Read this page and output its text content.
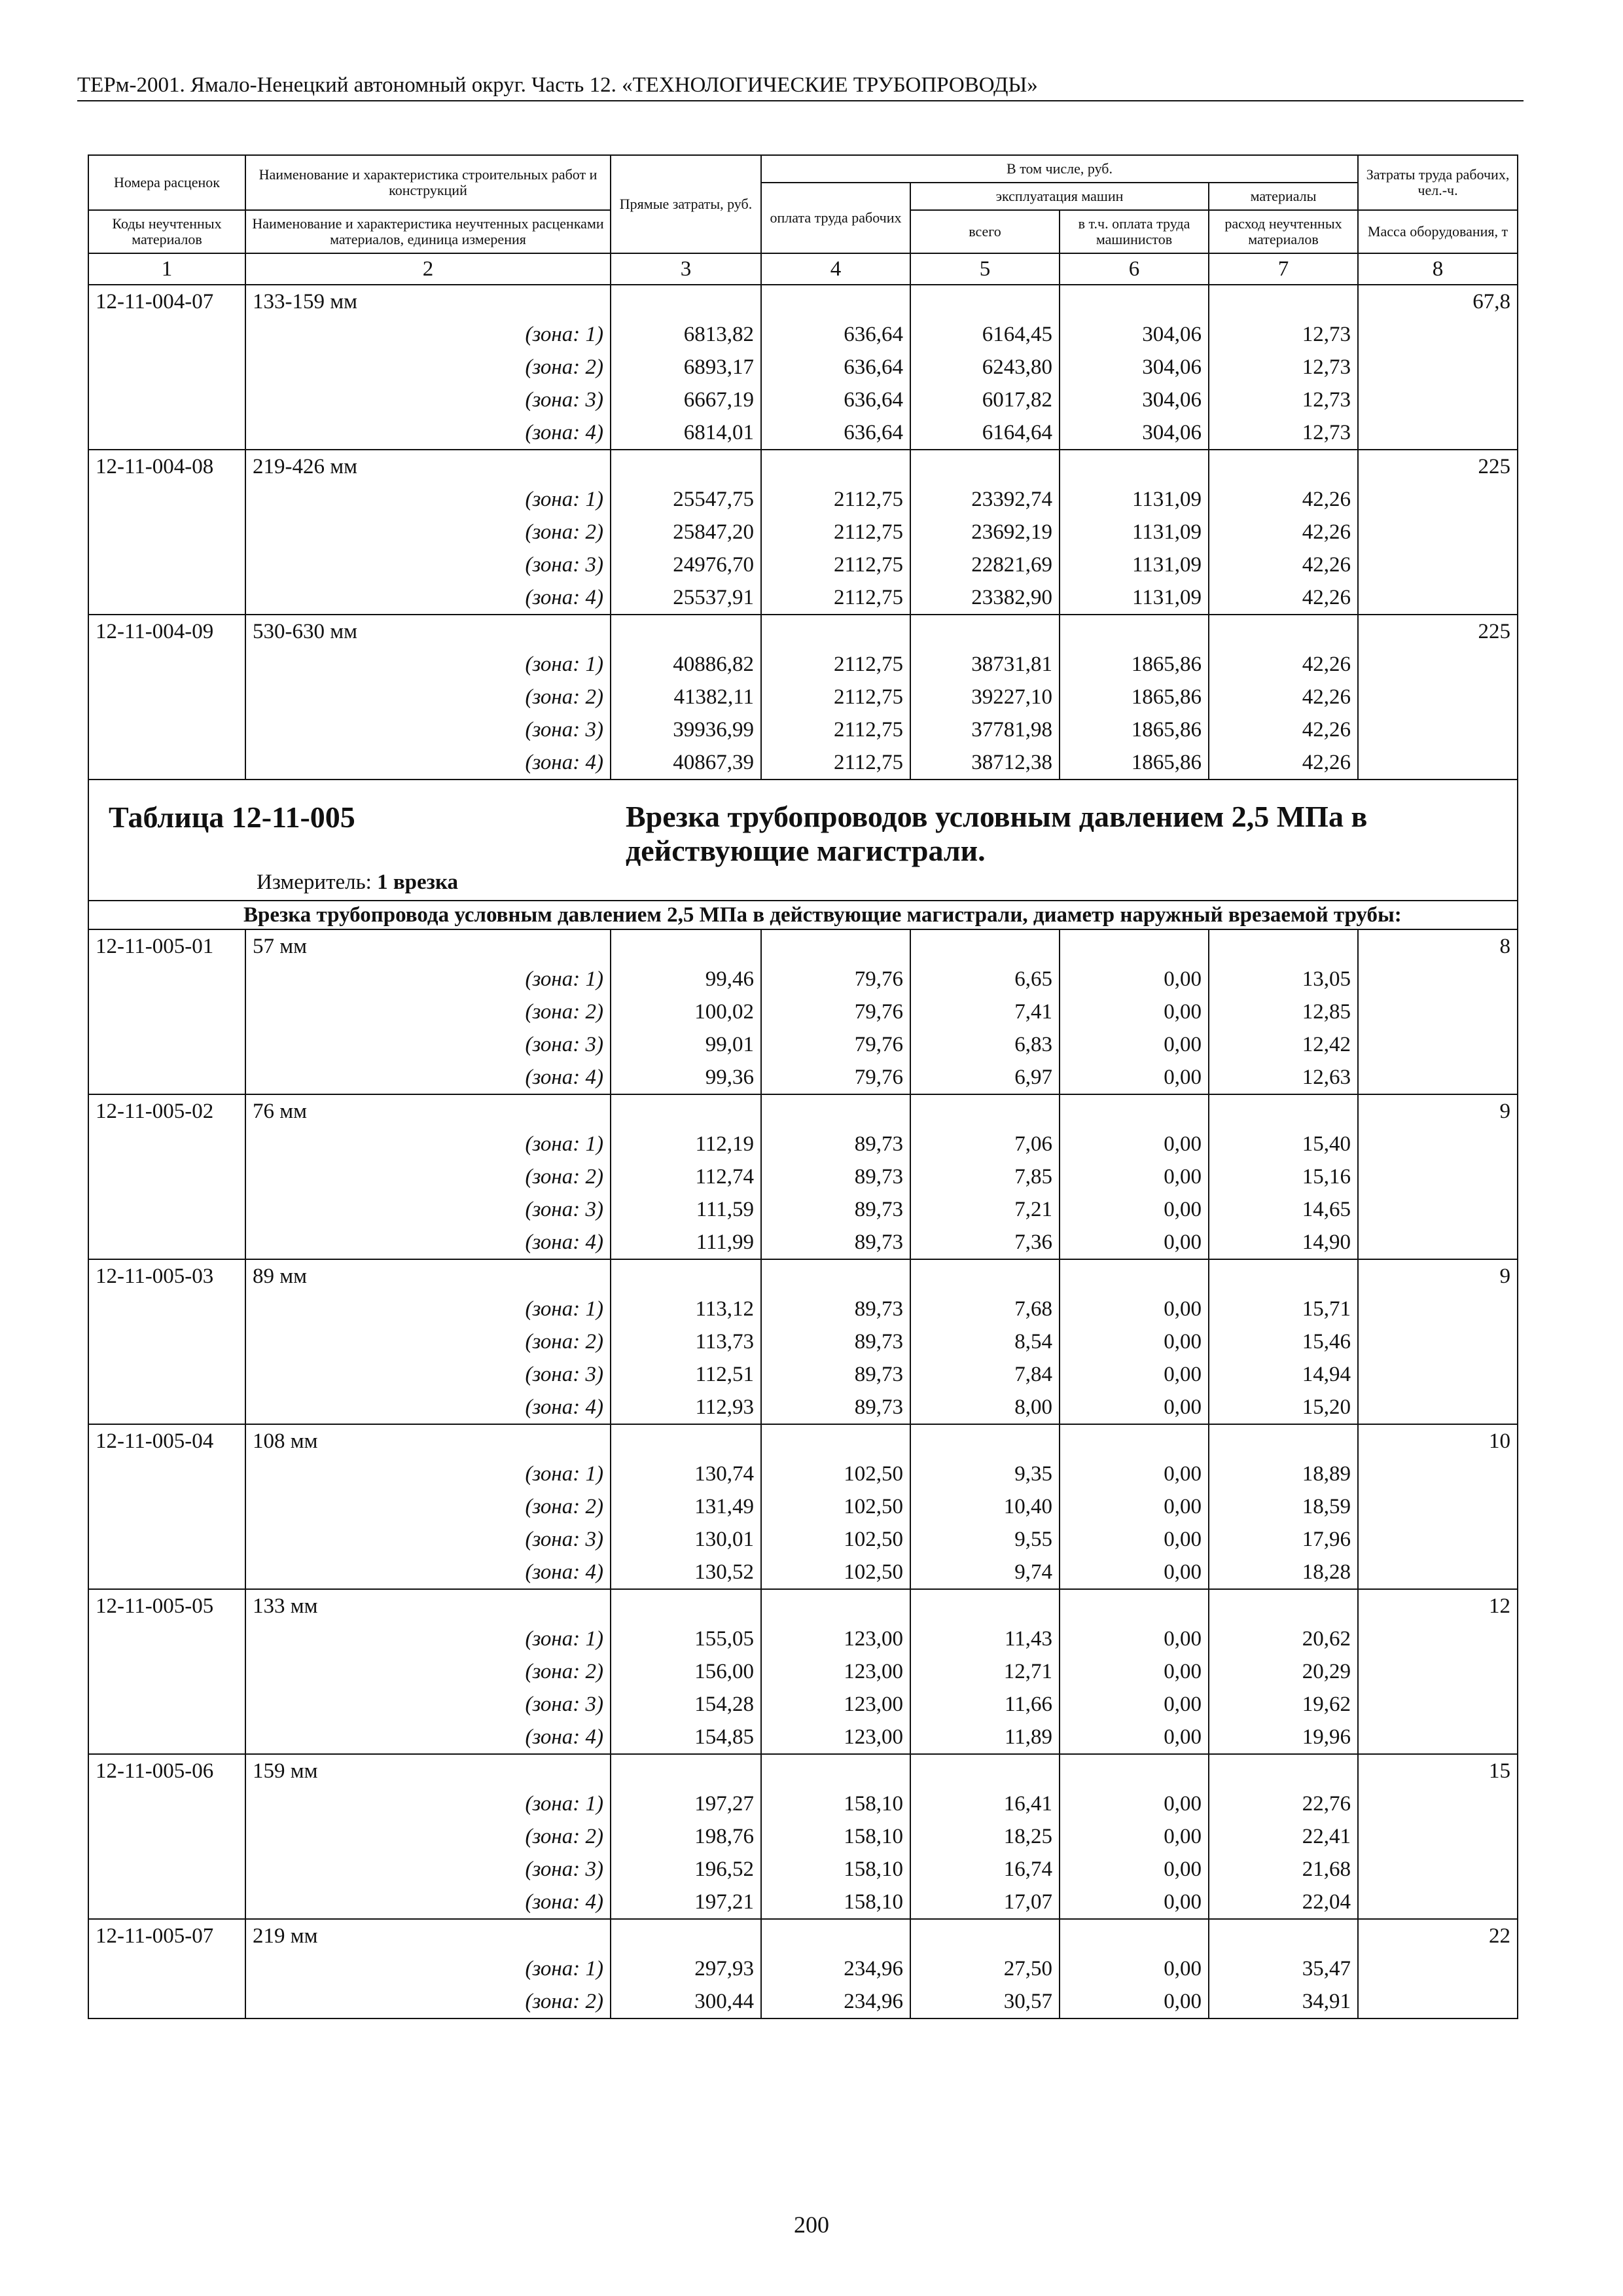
ТЕРм-2001. Ямало-Ненецкий автономный округ. Часть 12. «ТЕХНОЛОГИЧЕСКИЕ ТРУБОПРОВОДЫ»
Номера расценок	Наименование и характеристика строительных работ и конструкций	Прямые затраты, руб.	В том числе, руб.				Затраты труда рабочих, чел.-ч.
			оплата труда рабочих	эксплуатация машин		материалы	
Коды неучтенных материалов	Наименование и характеристика неучтенных расценками материалов, единица измерения			всего	в т.ч. оплата труда машинистов	расход неучтенных материалов	Масса оборудования, т
1	2	3	4	5	6	7	8
12-11-004-07	133-159 мм						67,8
	(зона: 1)	6813,82	636,64	6164,45	304,06	12,73	
	(зона: 2)	6893,17	636,64	6243,80	304,06	12,73	
	(зона: 3)	6667,19	636,64	6017,82	304,06	12,73	
	(зона: 4)	6814,01	636,64	6164,64	304,06	12,73	
12-11-004-08	219-426 мм						225
	(зона: 1)	25547,75	2112,75	23392,74	1131,09	42,26	
	(зона: 2)	25847,20	2112,75	23692,19	1131,09	42,26	
	(зона: 3)	24976,70	2112,75	22821,69	1131,09	42,26	
	(зона: 4)	25537,91	2112,75	23382,90	1131,09	42,26	
12-11-004-09	530-630 мм						225
	(зона: 1)	40886,82	2112,75	38731,81	1865,86	42,26	
	(зона: 2)	41382,11	2112,75	39227,10	1865,86	42,26	
	(зона: 3)	39936,99	2112,75	37781,98	1865,86	42,26	
	(зона: 4)	40867,39	2112,75	38712,38	1865,86	42,26	

Таблица 12-11-005 Врезка трубопроводов условным давлением 2,5 МПа в действующие магистрали.
Измеритель: 1 врезка							

Врезка трубопровода условным давлением 2,5 МПа в действующие магистрали, диаметр наружный врезаемой трубы:							
12-11-005-01	57 мм						8
	(зона: 1)	99,46	79,76	6,65	0,00	13,05	
	(зона: 2)	100,02	79,76	7,41	0,00	12,85	
	(зона: 3)	99,01	79,76	6,83	0,00	12,42	
	(зона: 4)	99,36	79,76	6,97	0,00	12,63	
12-11-005-02	76 мм						9
	(зона: 1)	112,19	89,73	7,06	0,00	15,40	
	(зона: 2)	112,74	89,73	7,85	0,00	15,16	
	(зона: 3)	111,59	89,73	7,21	0,00	14,65	
	(зона: 4)	111,99	89,73	7,36	0,00	14,90	
12-11-005-03	89 мм						9
	(зона: 1)	113,12	89,73	7,68	0,00	15,71	
	(зона: 2)	113,73	89,73	8,54	0,00	15,46	
	(зона: 3)	112,51	89,73	7,84	0,00	14,94	
	(зона: 4)	112,93	89,73	8,00	0,00	15,20	
12-11-005-04	108 мм						10
	(зона: 1)	130,74	102,50	9,35	0,00	18,89	
	(зона: 2)	131,49	102,50	10,40	0,00	18,59	
	(зона: 3)	130,01	102,50	9,55	0,00	17,96	
	(зона: 4)	130,52	102,50	9,74	0,00	18,28	
12-11-005-05	133 мм						12
	(зона: 1)	155,05	123,00	11,43	0,00	20,62	
	(зона: 2)	156,00	123,00	12,71	0,00	20,29	
	(зона: 3)	154,28	123,00	11,66	0,00	19,62	
	(зона: 4)	154,85	123,00	11,89	0,00	19,96	
12-11-005-06	159 мм						15
	(зона: 1)	197,27	158,10	16,41	0,00	22,76	
	(зона: 2)	198,76	158,10	18,25	0,00	22,41	
	(зона: 3)	196,52	158,10	16,74	0,00	21,68	
	(зона: 4)	197,21	158,10	17,07	0,00	22,04	
12-11-005-07	219 мм						22
	(зона: 1)	297,93	234,96	27,50	0,00	35,47	
	(зона: 2)	300,44	234,96	30,57	0,00	34,91	
200
